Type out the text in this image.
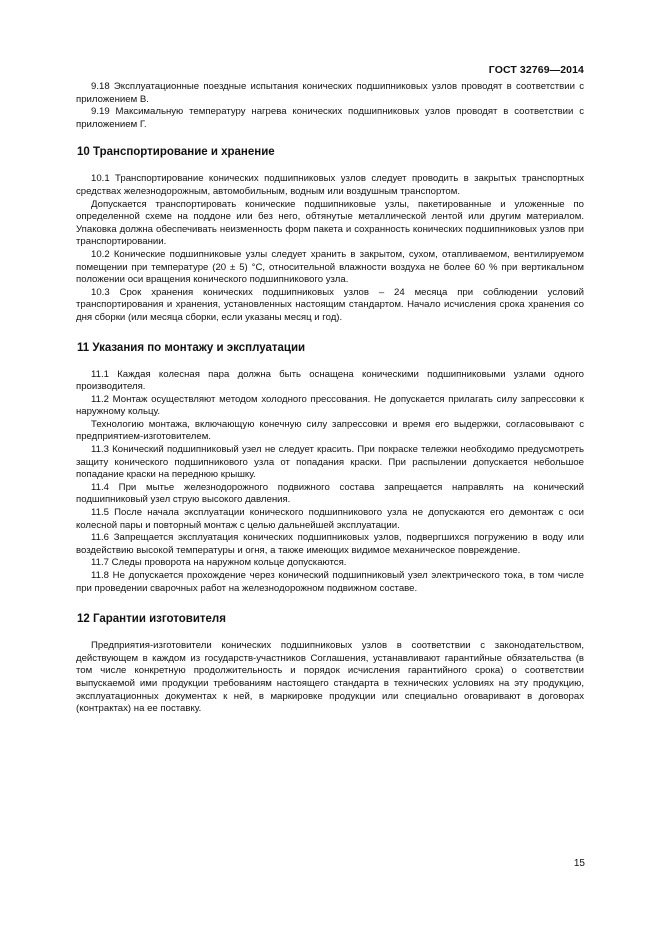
ГОСТ 32769—2014

9.18 Эксплуатационные поездные испытания конических подшипниковых узлов проводят в соответствии с приложением В.

9.19 Максимальную температуру нагрева конических подшипниковых узлов проводят в соответствии с приложением Г.

10 Транспортирование и хранение

10.1 Транспортирование конических подшипниковых узлов следует проводить в закрытых транспортных средствах железнодорожным, автомобильным, водным или воздушным транспортом.

Допускается транспортировать конические подшипниковые узлы, пакетированные и уложенные по определенной схеме на поддоне или без него, обтянутые металлической лентой или другим материалом. Упаковка должна обеспечивать неизменность форм пакета и сохранность конических подшипниковых узлов при транспортировании.

10.2 Конические подшипниковые узлы следует хранить в закрытом, сухом, отапливаемом, вентилируемом помещении при температуре (20 ± 5) °С, относительной влажности воздуха не более 60 % при вертикальном положении оси вращения конического подшипникового узла.

10.3 Срок хранения конических подшипниковых узлов – 24 месяца при соблюдении условий транспортирования и хранения, установленных настоящим стандартом. Начало исчисления срока хранения со дня сборки (или месяца сборки, если указаны месяц и год).

11 Указания по монтажу и эксплуатации

11.1 Каждая колесная пара должна быть оснащена коническими подшипниковыми узлами одного производителя.

11.2 Монтаж осуществляют методом холодного прессования. Не допускается прилагать силу запрессовки к наружному кольцу.

Технологию монтажа, включающую конечную силу запрессовки и время его выдержки, согласовывают с предприятием-изготовителем.

11.3 Конический подшипниковый узел не следует красить. При покраске тележки необходимо предусмотреть защиту конического подшипникового узла от попадания краски. При распылении допускается небольшое попадание краски на переднюю крышку.

11.4 При мытье железнодорожного подвижного состава запрещается направлять на конический подшипниковый узел струю высокого давления.

11.5 После начала эксплуатации конического подшипникового узла не допускаются его демонтаж с оси колесной пары и повторный монтаж с целью дальнейшей эксплуатации.

11.6 Запрещается эксплуатация конических подшипниковых узлов, подвергшихся погружению в воду или воздействию высокой температуры и огня, а также имеющих видимое механическое повреждение.

11.7 Следы проворота на наружном кольце допускаются.

11.8 Не допускается прохождение через конический подшипниковый узел электрического тока, в том числе при проведении сварочных работ на железнодорожном подвижном составе.

12 Гарантии изготовителя

Предприятия-изготовители конических подшипниковых узлов в соответствии с законодательством, действующем в каждом из государств-участников Соглашения, устанавливают гарантийные обязательства (в том числе конкретную продолжительность и порядок исчисления гарантийного срока) о соответствии выпускаемой ими продукции требованиям настоящего стандарта в технических условиях на эту продукцию, эксплуатационных документах к ней, в маркировке продукции или специально оговаривают в договорах (контрактах) на ее поставку.

15
